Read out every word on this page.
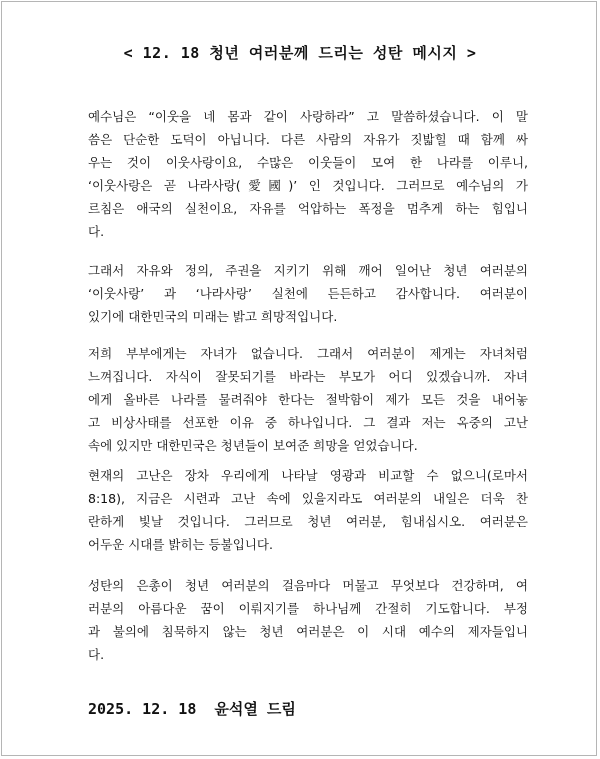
< 12. 18 청년 여러분께 드리는 성탄 메시지 >
예수님은 “이웃을 네 몸과 같이 사랑하라” 고 말씀하셨습니다. 이 말
씀은 단순한 도덕이 아닙니다. 다른 사람의 자유가 짓밟힐 때 함께 싸
우는 것이 이웃사랑이요, 수많은 이웃들이 모여 한 나라를 이루니,
‘이웃사랑은 곧 나라사랑(愛國)’ 인 것입니다. 그러므로 예수님의 가
르침은 애국의 실천이요, 자유를 억압하는 폭정을 멈추게 하는 힘입니
다.
그래서 자유와 정의, 주권을 지키기 위해 깨어 일어난 청년 여러분의
‘이웃사랑’ 과 ‘나라사랑’ 실천에 든든하고 감사합니다. 여러분이
있기에 대한민국의 미래는 밝고 희망적입니다.
저희 부부에게는 자녀가 없습니다. 그래서 여러분이 제게는 자녀처럼
느껴집니다. 자식이 잘못되기를 바라는 부모가 어디 있겠습니까. 자녀
에게 올바른 나라를 물려줘야 한다는 절박함이 제가 모든 것을 내어놓
고 비상사태를 선포한 이유 중 하나입니다. 그 결과 저는 옥중의 고난
속에 있지만 대한민국은 청년들이 보여준 희망을 얻었습니다.
현재의 고난은 장차 우리에게 나타날 영광과 비교할 수 없으니(로마서
8:18), 지금은 시련과 고난 속에 있을지라도 여러분의 내일은 더욱 찬
란하게 빛날 것입니다. 그러므로 청년 여러분, 힘내십시오. 여러분은
어두운 시대를 밝히는 등불입니다.
성탄의 은총이 청년 여러분의 걸음마다 머물고 무엇보다 건강하며, 여
러분의 아름다운 꿈이 이뤄지기를 하나님께 간절히 기도합니다. 부정
과 불의에 침묵하지 않는 청년 여러분은 이 시대 예수의 제자들입니
다.
2025. 12. 18  윤석열 드림
